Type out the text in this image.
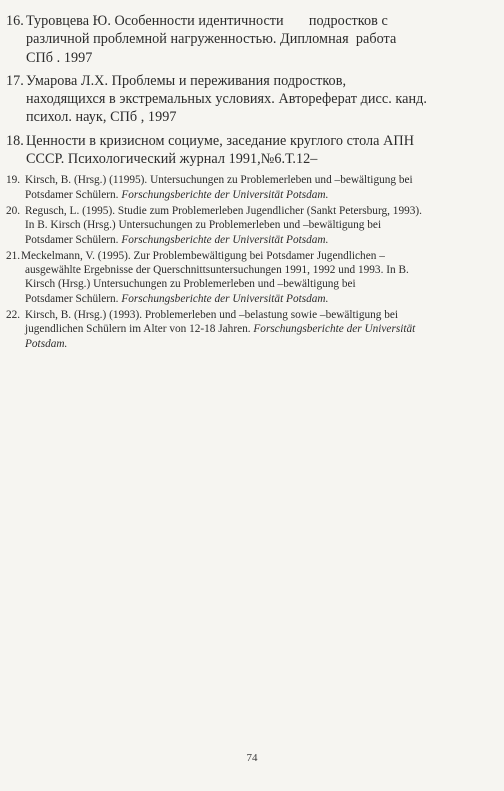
16. Туровцева Ю. Особенности идентичности       подростков с
различной проблемной нагруженностью. Дипломная  работа
СПб . 1997
17. Умарова Л.Х. Проблемы и переживания подростков,
находящихся в экстремальных условиях. Автореферат дисс. канд.
психол. наук, СПб , 1997
18. Ценности в кризисном социуме, заседание круглого стола АПН
СССР. Психологический журнал 1991,№6.Т.12–
19. Kirsch, B. (Hrsg.) (11995). Untersuchungen zu Problemerleben und –bewältigung bei
Potsdamer Schülern. Forschungsberichte der Universität Potsdam.
20. Regusch, L. (1995). Studie zum Problemerleben Jugendlicher (Sankt Petersburg, 1993).
In B. Kirsch (Hrsg.) Untersuchungen zu Problemerleben und –bewältigung bei
Potsdamer Schülern. Forschungsberichte der Universität Potsdam.
21. Meckelmann, V. (1995). Zur Problembewältigung bei Potsdamer Jugendlichen –
ausgewählte Ergebnisse der Querschnittsuntersuchungen 1991, 1992 und 1993. In B.
Kirsch (Hrsg.) Untersuchungen zu Problemerleben und –bewältigung bei
Potsdamer Schülern. Forschungsberichte der Universität Potsdam.
22. Kirsch, B. (Hrsg.) (1993). Problemerleben und –belastung sowie –bewältigung bei
jugendlichen Schülern im Alter von 12-18 Jahren. Forschungsberichte der Universität
Potsdam.
74
